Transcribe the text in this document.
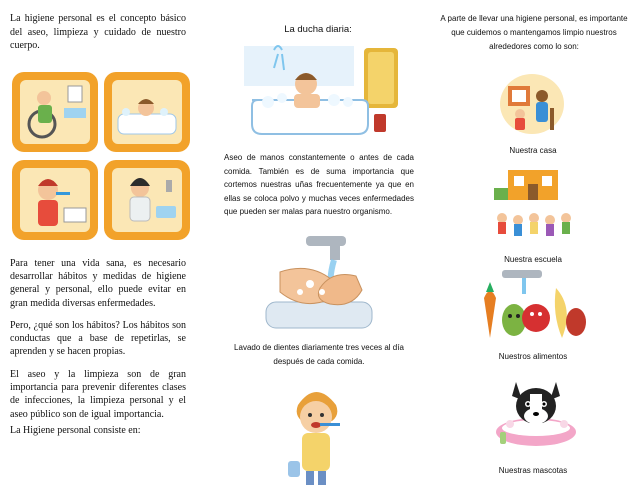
La higiene personal es el concepto básico del aseo, limpieza y cuidado de nuestro cuerpo.

Para tener una vida sana, es necesario desarrollar hábitos y medidas de higiene general y personal, ello puede evitar en gran medida diversas enfermedades.

Pero, ¿qué son los hábitos? Los hábitos son conductas que a base de repetirlas, se aprenden y se hacen propias.

El aseo y la limpieza son de gran importancia para prevenir diferentes clases de infecciones, la limpieza personal y el aseo público son de igual importancia.

La Higiene personal consiste en:

La ducha diaria:

Aseo de manos constantemente o antes de cada comida. También es de suma importancia que cortemos nuestras uñas frecuentemente ya que en ellas se coloca polvo y muchas veces enfermedades que pueden ser malas para nuestro organismo.

Lavado de dientes diariamente tres veces al día después de cada comida.

A parte de llevar una higiene personal, es importante que cuidemos o mantengamos limpio nuestros alrededores como lo son:

Nuestra casa

Nuestra escuela

Nuestros alimentos

Nuestras mascotas
